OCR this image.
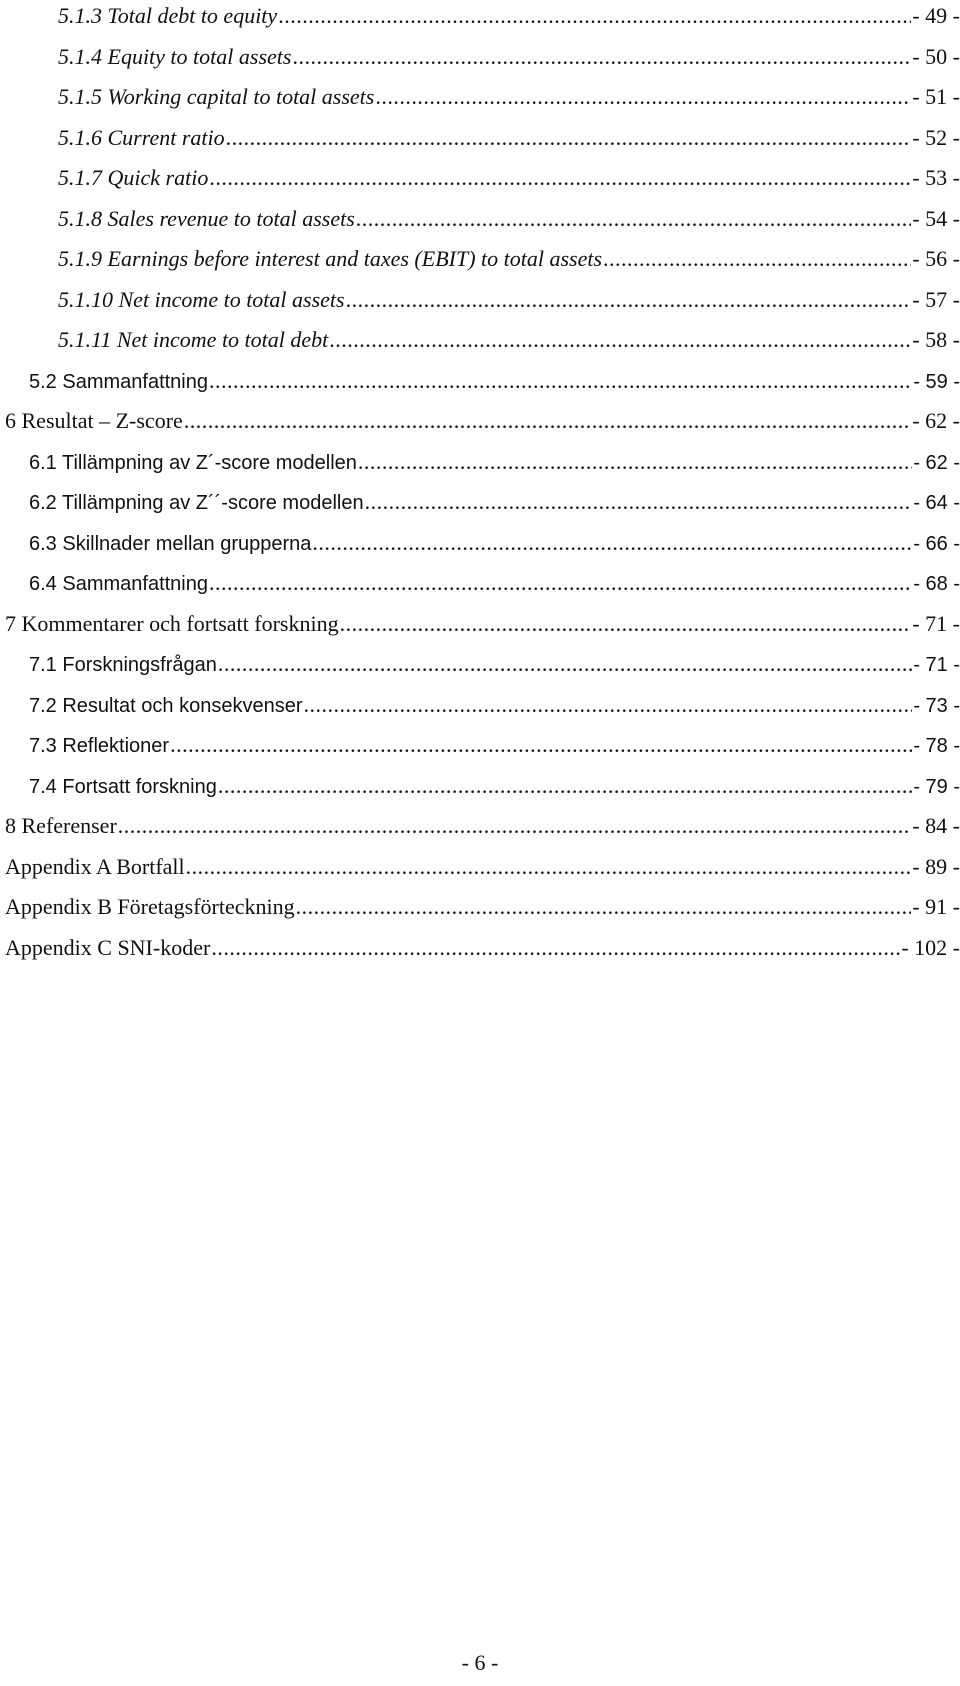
5.1.3 Total debt to equity .....	- 49 -
5.1.4 Equity to total assets .....	- 50 -
5.1.5 Working capital to total assets .....	- 51 -
5.1.6 Current ratio .....	- 52 -
5.1.7 Quick ratio .....	- 53 -
5.1.8 Sales revenue to total assets .....	- 54 -
5.1.9 Earnings before interest and taxes (EBIT) to total assets .....	- 56 -
5.1.10 Net income to total assets .....	- 57 -
5.1.11 Net income to total debt .....	- 58 -
5.2 Sammanfattning .....	- 59 -
6 Resultat – Z-score .....	- 62 -
6.1 Tillämpning av Z´-score modellen .....	- 62 -
6.2 Tillämpning av Z´´-score modellen .....	- 64 -
6.3 Skillnader mellan grupperna .....	- 66 -
6.4 Sammanfattning .....	- 68 -
7 Kommentarer och fortsatt forskning .....	- 71 -
7.1 Forskningsfrågan .....	- 71 -
7.2 Resultat och konsekvenser .....	- 73 -
7.3 Reflektioner .....	- 78 -
7.4 Fortsatt forskning .....	- 79 -
8 Referenser .....	- 84 -
Appendix A Bortfall .....	- 89 -
Appendix B Företagsförteckning .....	- 91 -
Appendix C SNI-koder .....	- 102 -
- 6 -
